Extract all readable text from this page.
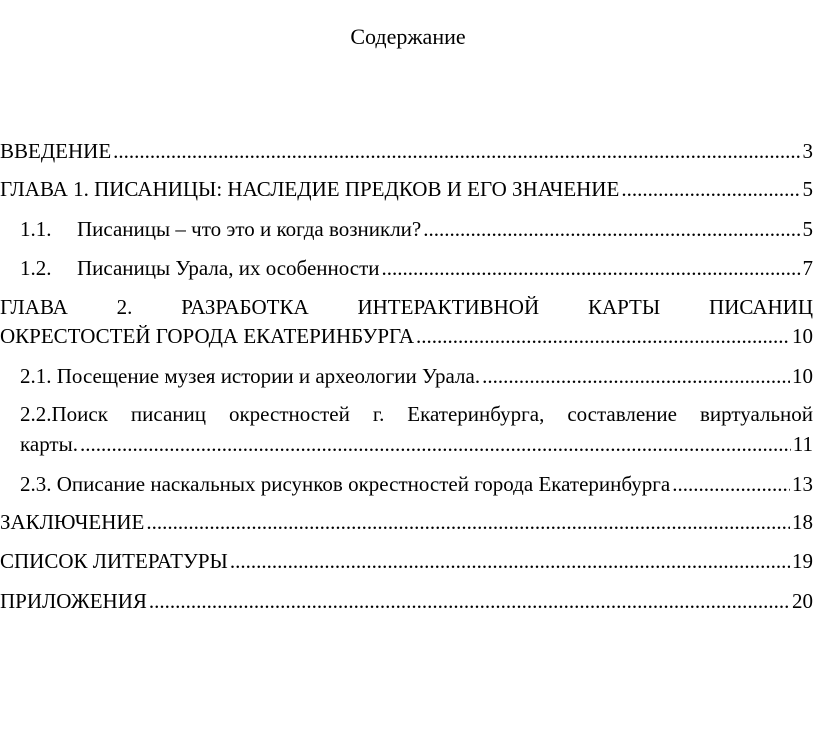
Содержание
ВВЕДЕНИЕ .....	3
ГЛАВА 1. ПИСАНИЦЫ: НАСЛЕДИЕ ПРЕДКОВ И ЕГО ЗНАЧЕНИЕ .....	5
1.1. Писаницы – что это и когда возникли? .....	5
1.2. Писаницы Урала, их особенности .....	7
ГЛАВА 2. РАЗРАБОТКА ИНТЕРАКТИВНОЙ КАРТЫ ПИСАНИЦ
ОКРЕСТОСТЕЙ ГОРОДА ЕКАТЕРИНБУРГА .....	10
2.1. Посещение музея истории и археологии Урала. .....	10
2.2.Поиск писаниц окрестностей г. Екатеринбурга, составление виртуальной
карты. .....	11
2.3. Описание наскальных рисунков окрестностей города Екатеринбурга .....	13
ЗАКЛЮЧЕНИЕ .....	18
СПИСОК ЛИТЕРАТУРЫ .....	19
ПРИЛОЖЕНИЯ .....	20
